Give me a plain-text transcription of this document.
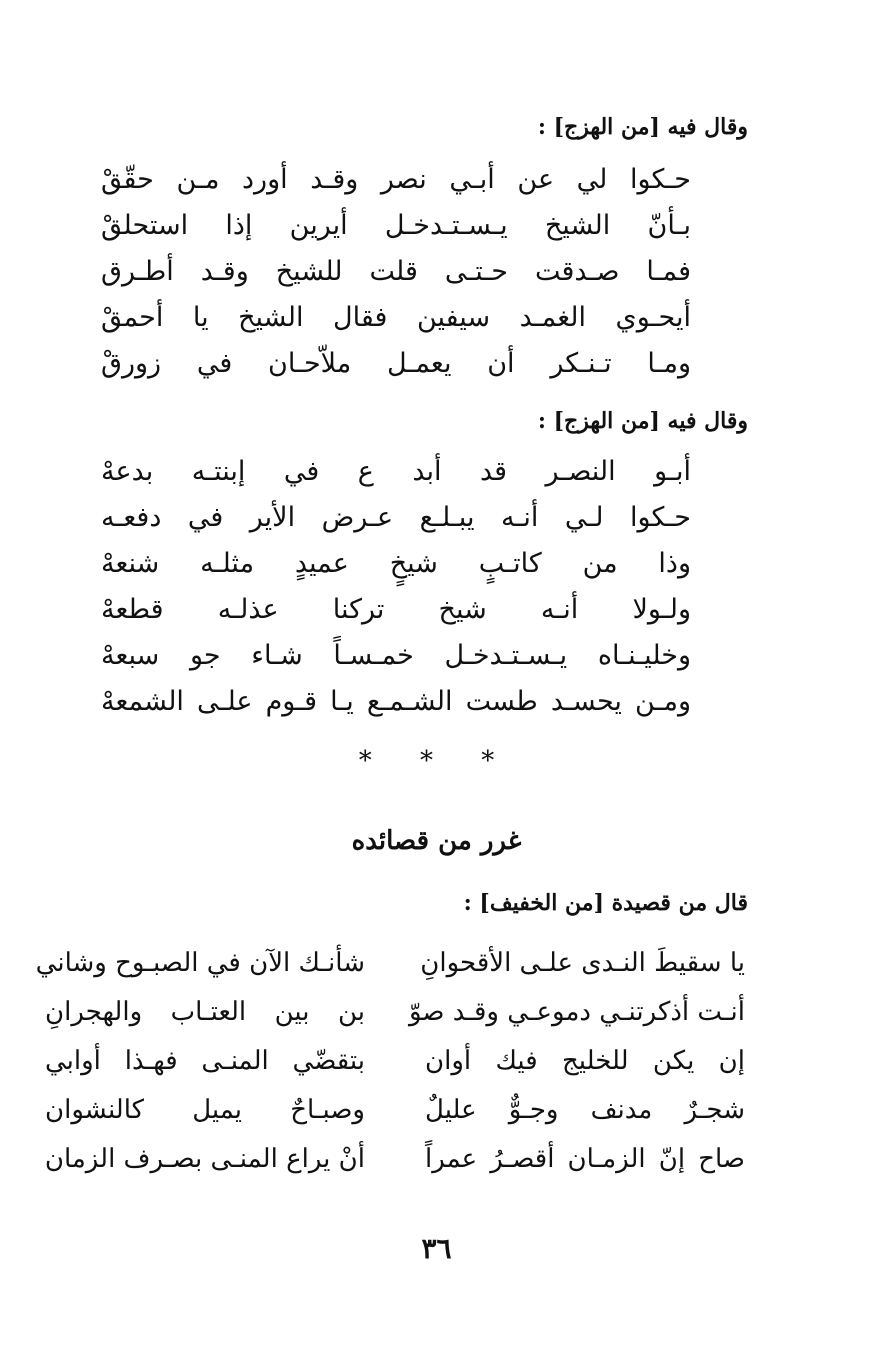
وقال فيه [من الهزج] :
حـكوا لي عن أبـي نصر وقـد أورد مـن حقّقْ
بـأنّ الشيخ يـسـتـدخـل أيرين إذا استحلقْ
فمـا صـدقت حـتـى قلت للشيخ وقـد أطـرق
أيحـوي الغمـد سيفين فقال الشيخ يا أحمقْ
ومـا تـنـكر أن يعمـل ملاّحـان في زورقْ
وقال فيه [من الهزج] :
أبـو النصـر قد أبد ع في إبنتـه بدعهْ
حـكوا لـي أنـه يبـلـع عـرض الأير في دفعـه
وذا من كاتـبٍ شيخٍ عميدٍ مثلـه شنعهْ
ولـولا أنـه شيخ تركنا عذلـه قطعهْ
وخليـنـاه يـسـتـدخـل خمـسـاً شـاء جو سبعهْ
ومـن يحسـد طست الشـمـع يـا قـوم علـى الشمعهْ
* * *
غرر من قصائده
قال من قصيدة [من الخفيف] :
يا سقيطَ النـدى علـى الأقحوانِ
شأنـك الآن في الصبـوح وشاني
أنـت أذكرتنـي دموعـي وقـد صوّ
بن بين العتـاب والهجرانِ
إن يكن للخليج فيك أوان
بتقضّي المنـى فهـذا أوابي
شجـرٌ مدنف وجـوٌّ عليلٌ
وصبـاحٌ يميل كالنشوان
صاح إنّ الزمـان أقصـرُ عمراً
أنْ يراع المنـى بصـرف الزمان
٣٦
